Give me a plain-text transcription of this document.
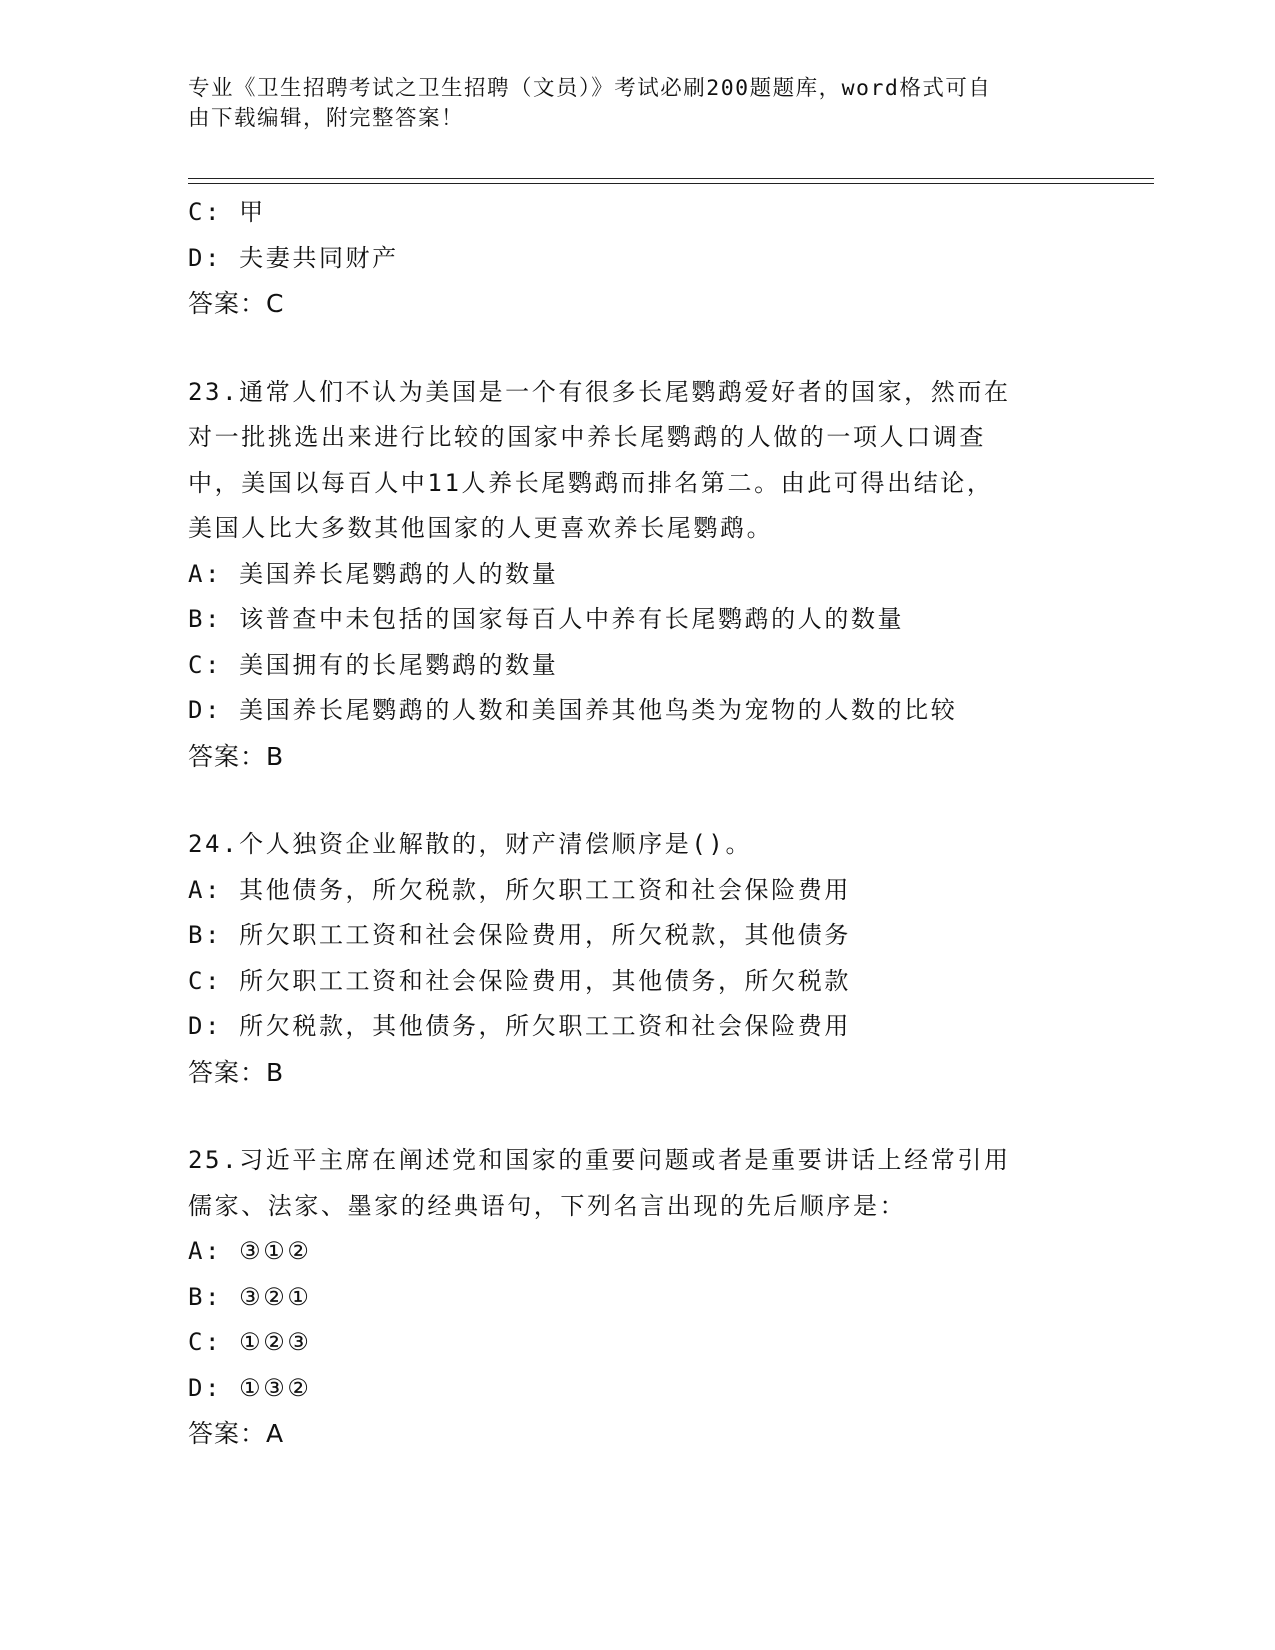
专业《卫生招聘考试之卫生招聘（文员）》考试必刷200题题库，word格式可自
由下载编辑，附完整答案！
C: 甲
D: 夫妻共同财产
答案：C
23.通常人们不认为美国是一个有很多长尾鹦鹉爱好者的国家，然而在
对一批挑选出来进行比较的国家中养长尾鹦鹉的人做的一项人口调查
中，美国以每百人中11人养长尾鹦鹉而排名第二。由此可得出结论，
美国人比大多数其他国家的人更喜欢养长尾鹦鹉。
A: 美国养长尾鹦鹉的人的数量
B: 该普查中未包括的国家每百人中养有长尾鹦鹉的人的数量
C: 美国拥有的长尾鹦鹉的数量
D: 美国养长尾鹦鹉的人数和美国养其他鸟类为宠物的人数的比较
答案：B
24.个人独资企业解散的，财产清偿顺序是()。
A: 其他债务，所欠税款，所欠职工工资和社会保险费用
B: 所欠职工工资和社会保险费用，所欠税款，其他债务
C: 所欠职工工资和社会保险费用，其他债务，所欠税款
D: 所欠税款，其他债务，所欠职工工资和社会保险费用
答案：B
25.习近平主席在阐述党和国家的重要问题或者是重要讲话上经常引用
儒家、法家、墨家的经典语句，下列名言出现的先后顺序是：
A: ③①②
B: ③②①
C: ①②③
D: ①③②
答案：A
